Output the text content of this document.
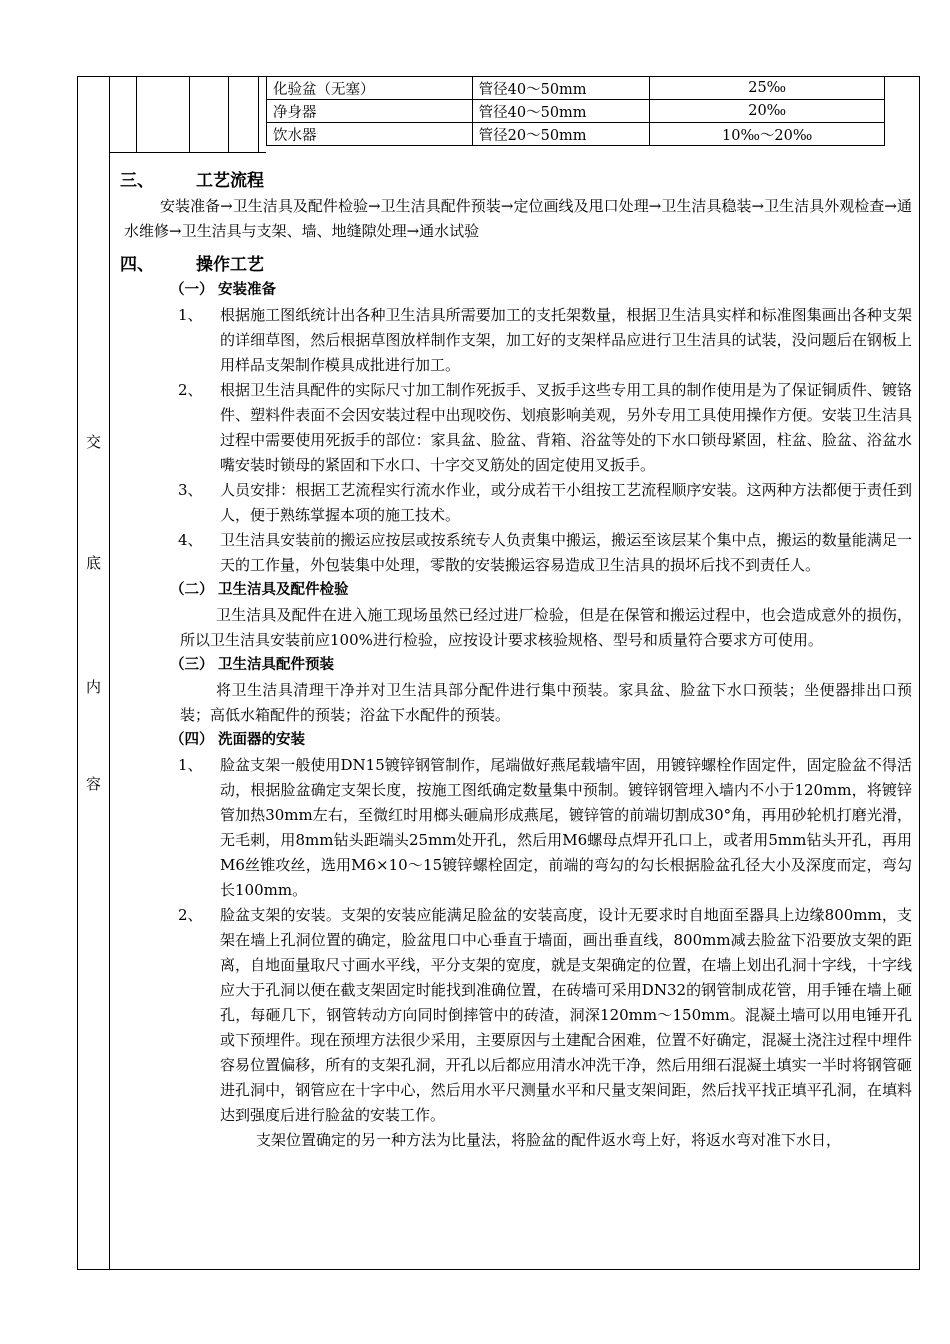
交
底
内
容
化验盆（无塞）	管径40～50mm	25‰
净身器	管径40～50mm	20‰
饮水器	管径20～50mm	10‰～20‰
三、 工艺流程
安装准备→卫生洁具及配件检验→卫生洁具配件预装→定位画线及甩口处理→卫生洁具稳装→卫生洁具外观检查→通水维修→卫生洁具与支架、墙、地缝隙处理→通水试验
四、 操作工艺
（一） 安装准备
1、 根据施工图纸统计出各种卫生洁具所需要加工的支托架数量，根据卫生洁具实样和标准图集画出各种支架的详细草图，然后根据草图放样制作支架，加工好的支架样品应进行卫生洁具的试装，没问题后在钢板上用样品支架制作模具成批进行加工。
2、 根据卫生洁具配件的实际尺寸加工制作死扳手、叉扳手这些专用工具的制作使用是为了保证铜质件、镀铬件、塑料件表面不会因安装过程中出现咬伤、划痕影响美观，另外专用工具使用操作方便。安装卫生洁具过程中需要使用死扳手的部位：家具盆、脸盆、背箱、浴盆等处的下水口锁母紧固，柱盆、脸盆、浴盆水嘴安装时锁母的紧固和下水口、十字交叉筋处的固定使用叉扳手。
3、 人员安排：根据工艺流程实行流水作业，或分成若干小组按工艺流程顺序安装。这两种方法都便于责任到人，便于熟练掌握本项的施工技术。
4、 卫生洁具安装前的搬运应按层或按系统专人负责集中搬运，搬运至该层某个集中点，搬运的数量能满足一天的工作量，外包装集中处理，零散的安装搬运容易造成卫生洁具的损坏后找不到责任人。
（二） 卫生洁具及配件检验
卫生洁具及配件在进入施工现场虽然已经过进厂检验，但是在保管和搬运过程中，也会造成意外的损伤，所以卫生洁具安装前应100%进行检验，应按设计要求核验规格、型号和质量符合要求方可使用。
（三） 卫生洁具配件预装
将卫生洁具清理干净并对卫生洁具部分配件进行集中预装。家具盆、脸盆下水口预装；坐便器排出口预装；高低水箱配件的预装；浴盆下水配件的预装。
（四） 洗面器的安装
1、 脸盆支架一般使用DN15镀锌钢管制作，尾端做好燕尾载墙牢固，用镀锌螺栓作固定件，固定脸盆不得活动，根据脸盆确定支架长度，按施工图纸确定数量集中预制。镀锌钢管埋入墙内不小于120mm，将镀锌管加热30mm左右，至微红时用榔头砸扁形成燕尾，镀锌管的前端切割成30°角，再用砂轮机打磨光滑，无毛刺，用8mm钻头距端头25mm处开孔，然后用M6螺母点焊开孔口上，或者用5mm钻头开孔，再用M6丝锥攻丝，选用M6×10～15镀锌螺栓固定，前端的弯勾的勾长根据脸盆孔径大小及深度而定，弯勾长100mm。
2、 脸盆支架的安装。支架的安装应能满足脸盆的安装高度，设计无要求时自地面至器具上边缘800mm，支架在墙上孔洞位置的确定，脸盆甩口中心垂直于墙面，画出垂直线，800mm减去脸盆下沿要放支架的距离，自地面量取尺寸画水平线，平分支架的宽度，就是支架确定的位置，在墙上划出孔洞十字线，十字线应大于孔洞以便在截支架固定时能找到准确位置，在砖墙可采用DN32的钢管制成花管，用手锤在墙上砸孔，每砸几下，钢管转动方向同时倒摔管中的砖渣，洞深120mm～150mm。混凝土墙可以用电锤开孔或下预埋件。现在预埋方法很少采用，主要原因与土建配合困难，位置不好确定，混凝土浇注过程中埋件容易位置偏移，所有的支架孔洞，开孔以后都应用清水冲洗干净，然后用细石混凝土填实一半时将钢管砸进孔洞中，钢管应在十字中心，然后用水平尺测量水平和尺量支架间距，然后找平找正填平孔洞，在填料达到强度后进行脸盆的安装工作。
支架位置确定的另一种方法为比量法，将脸盆的配件返水弯上好，将返水弯对准下水日，
